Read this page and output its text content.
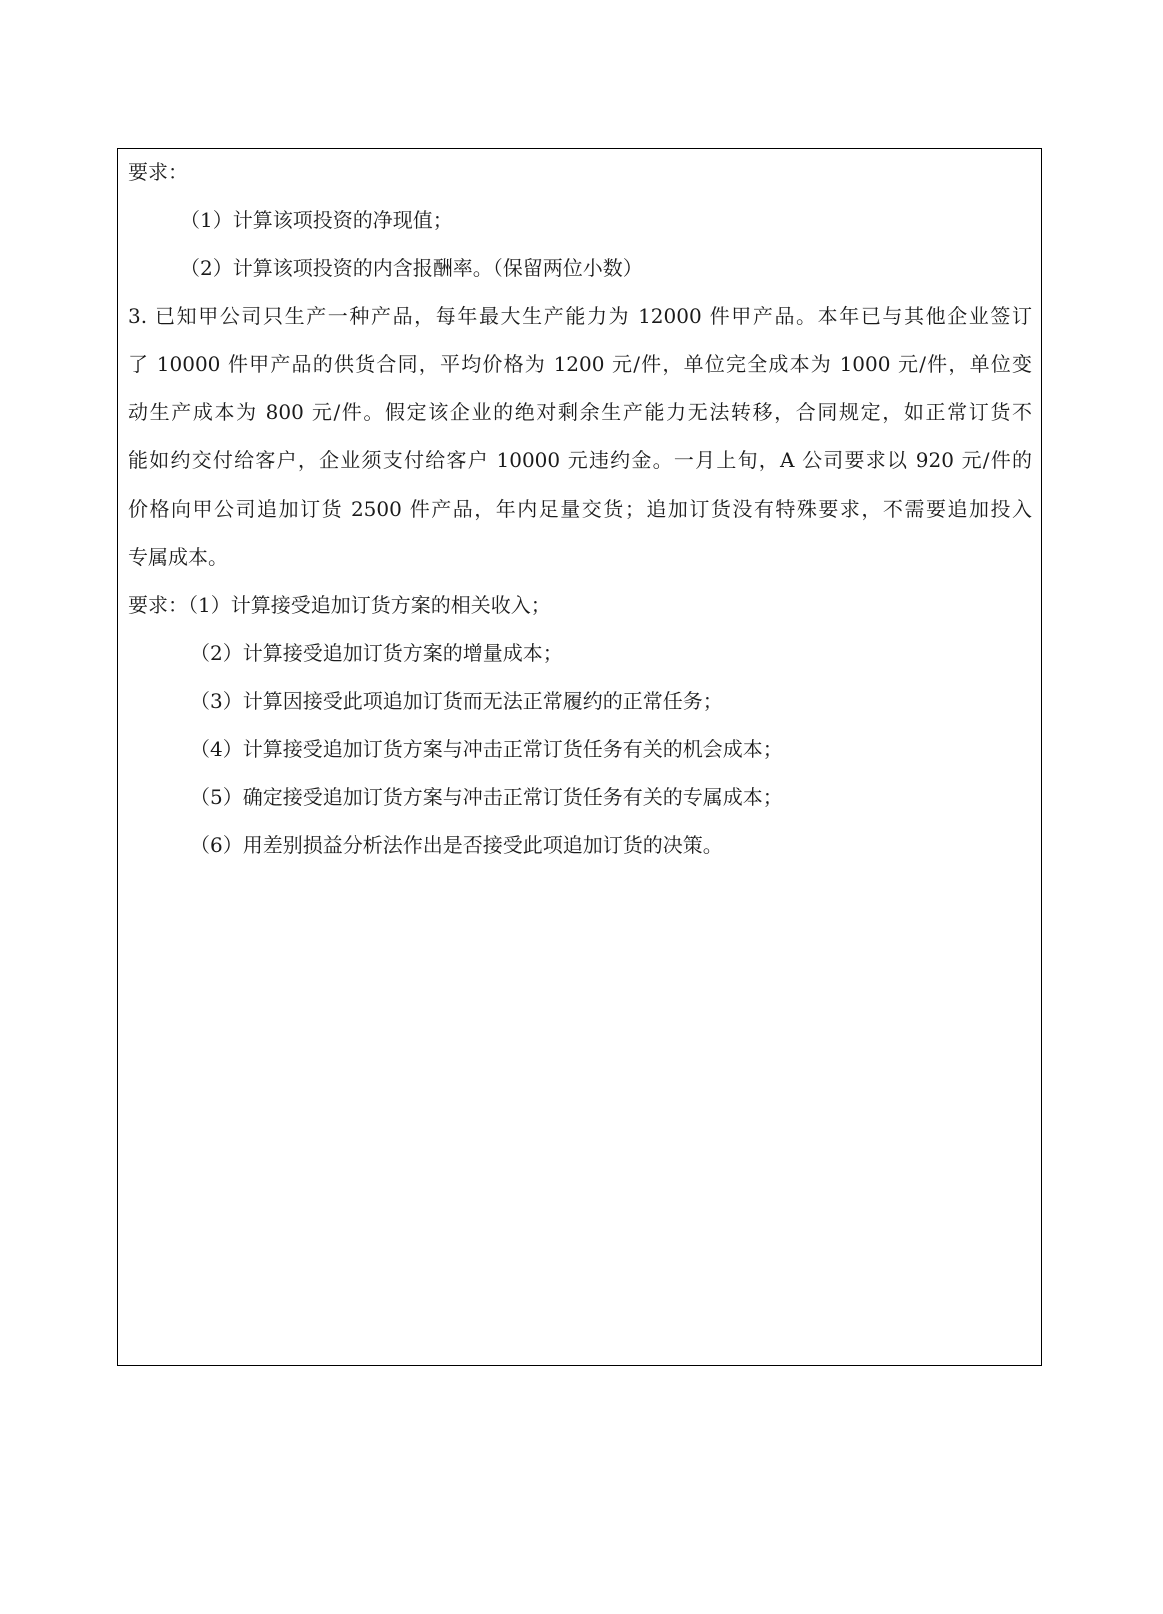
要求：
（1）计算该项投资的净现值；
（2）计算该项投资的内含报酬率。（保留两位小数）
3. 已知甲公司只生产一种产品，每年最大生产能力为 12000 件甲产品。本年已与其他企业签订
了 10000 件甲产品的供货合同，平均价格为 1200 元/件，单位完全成本为 1000 元/件，单位变
动生产成本为 800 元/件。假定该企业的绝对剩余生产能力无法转移，合同规定，如正常订货不
能如约交付给客户，企业须支付给客户 10000 元违约金。一月上旬，A 公司要求以 920 元/件的
价格向甲公司追加订货 2500 件产品，年内足量交货；追加订货没有特殊要求，不需要追加投入
专属成本。
要求：（1）计算接受追加订货方案的相关收入；
（2）计算接受追加订货方案的增量成本；
（3）计算因接受此项追加订货而无法正常履约的正常任务；
（4）计算接受追加订货方案与冲击正常订货任务有关的机会成本；
（5）确定接受追加订货方案与冲击正常订货任务有关的专属成本；
（6）用差别损益分析法作出是否接受此项追加订货的决策。
